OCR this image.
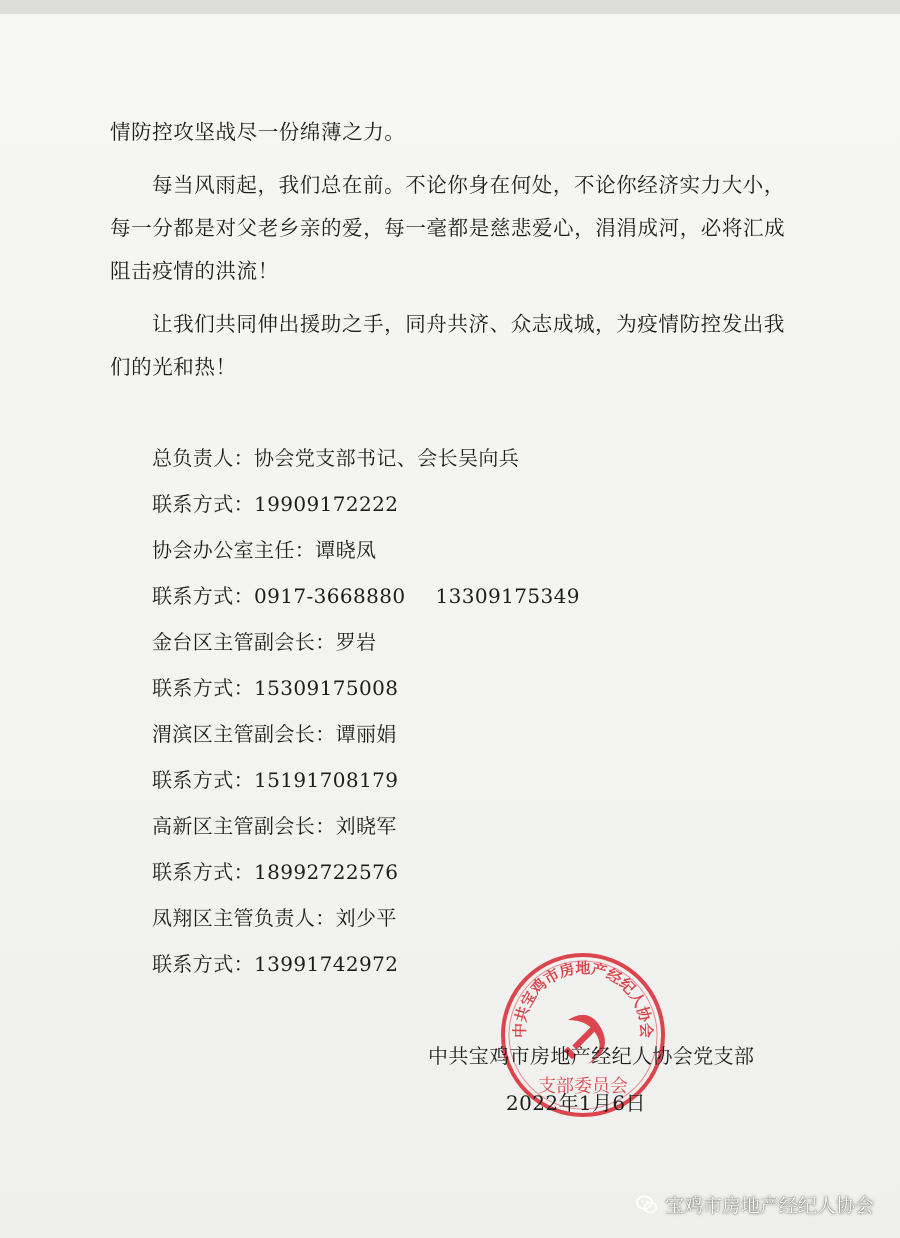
情防控攻坚战尽一份绵薄之力。

每当风雨起，我们总在前。不论你身在何处，不论你经济实力大小，

每一分都是对父老乡亲的爱，每一毫都是慈悲爱心，涓涓成河，必将汇成

阻击疫情的洪流！

让我们共同伸出援助之手，同舟共济、众志成城，为疫情防控发出我

们的光和热！

总负责人：协会党支部书记、会长吴向兵
联系方式：19909172222
协会办公室主任：谭晓凤
联系方式：0917-3668880 13309175349
金台区主管副会长：罗岩
联系方式：15309175008
渭滨区主管副会长：谭丽娟
联系方式：15191708179
高新区主管副会长：刘晓军
联系方式：18992722576
凤翔区主管负责人：刘少平
联系方式：13991742972
中共宝鸡市房地产经纪人协会
支部委员会
中共宝鸡市房地产经纪人协会党支部
2022年1月6日
宝鸡市房地产经纪人协会
